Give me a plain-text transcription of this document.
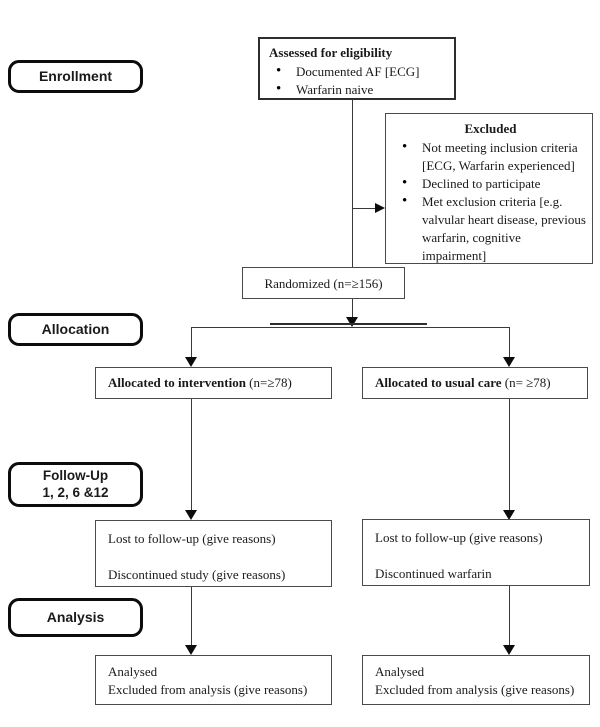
Enrollment
Allocation
Follow-Up
1, 2, 6 &12
Analysis
Assessed for eligibility
• Documented AF [ECG]
• Warfarin naive
Excluded
• Not meeting inclusion criteria [ECG, Warfarin experienced]
• Declined to participate
• Met exclusion criteria [e.g. valvular heart disease, previous warfarin, cognitive impairment]
Randomized (n=≥156)
Allocated to intervention (n=≥78)	Allocated to usual care (n= ≥78)

Lost to follow-up (give reasons)

Discontinued study (give reasons)

Lost to follow-up (give reasons)

Discontinued warfarin

Analysed

Excluded from analysis (give reasons)

Analysed

Excluded from analysis (give reasons)
